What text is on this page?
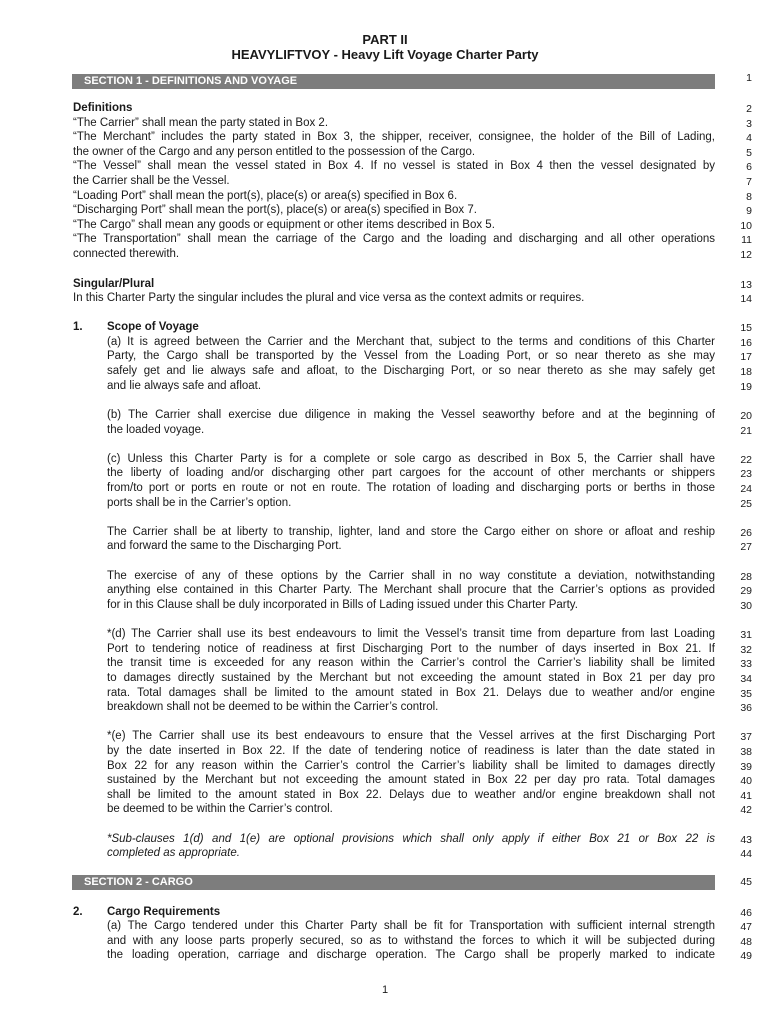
PART II
HEAVYLIFTVOY - Heavy Lift Voyage Charter Party
SECTION 1 - DEFINITIONS AND VOYAGE	1
Definitions
“The Carrier” shall mean the party stated in Box 2.
“The Merchant” includes the party stated in Box 3, the shipper, receiver, consignee, the holder of the Bill of Lading,
the owner of the Cargo and any person entitled to the possession of the Cargo.
“The Vessel” shall mean the vessel stated in Box 4. If no vessel is stated in Box 4 then the vessel designated by
the Carrier shall be the Vessel.
“Loading Port” shall mean the port(s), place(s) or area(s) specified in Box 6.
“Discharging Port” shall mean the port(s), place(s) or area(s) specified in Box 7.
“The Cargo” shall mean any goods or equipment or other items described in Box 5.
“The Transportation” shall mean the carriage of the Cargo and the loading and discharging and all other operations
connected therewith.
Singular/Plural
In this Charter Party the singular includes the plural and vice versa as the context admits or requires.
1. Scope of Voyage
(a) It is agreed between the Carrier and the Merchant that, subject to the terms and conditions of this Charter
Party, the Cargo shall be transported by the Vessel from the Loading Port, or so near thereto as she may
safely get and lie always safe and afloat, to the Discharging Port, or so near thereto as she may safely get
and lie always safe and afloat.
(b) The Carrier shall exercise due diligence in making the Vessel seaworthy before and at the beginning of
the loaded voyage.
(c) Unless this Charter Party is for a complete or sole cargo as described in Box 5, the Carrier shall have
the liberty of loading and/or discharging other part cargoes for the account of other merchants or shippers
from/to port or ports en route or not en route. The rotation of loading and discharging ports or berths in those
ports shall be in the Carrier’s option.
The Carrier shall be at liberty to tranship, lighter, land and store the Cargo either on shore or afloat and reship
and forward the same to the Discharging Port.
The exercise of any of these options by the Carrier shall in no way constitute a deviation, notwithstanding
anything else contained in this Charter Party. The Merchant shall procure that the Carrier’s options as provided
for in this Clause shall be duly incorporated in Bills of Lading issued under this Charter Party.
*(d) The Carrier shall use its best endeavours to limit the Vessel’s transit time from departure from last Loading
Port to tendering notice of readiness at first Discharging Port to the number of days inserted in Box 21. If
the transit time is exceeded for any reason within the Carrier’s control the Carrier’s liability shall be limited
to damages directly sustained by the Merchant but not exceeding the amount stated in Box 21 per day pro
rata. Total damages shall be limited to the amount stated in Box 21. Delays due to weather and/or engine
breakdown shall not be deemed to be within the Carrier’s control.
*(e) The Carrier shall use its best endeavours to ensure that the Vessel arrives at the first Discharging Port
by the date inserted in Box 22. If the date of tendering notice of readiness is later than the date stated in
Box 22 for any reason within the Carrier’s control the Carrier’s liability shall be limited to damages directly
sustained by the Merchant but not exceeding the amount stated in Box 22 per day pro rata. Total damages
shall be limited to the amount stated in Box 22. Delays due to weather and/or engine breakdown shall not
be deemed to be within the Carrier’s control.
*Sub-clauses 1(d) and 1(e) are optional provisions which shall only apply if either Box 21 or Box 22 is
completed as appropriate.
SECTION 2 - CARGO	45
2. Cargo Requirements
(a) The Cargo tendered under this Charter Party shall be fit for Transportation with sufficient internal strength
and with any loose parts properly secured, so as to withstand the forces to which it will be subjected during
the loading operation, carriage and discharge operation. The Cargo shall be properly marked to indicate
2
3
4
5
6
7
8
9
10
11
12
13
14
15
16
17
18
19
20
21
22
23
24
25
26
27
28
29
30
31
32
33
34
35
36
37
38
39
40
41
42
43
44
46
47
48
49
1
